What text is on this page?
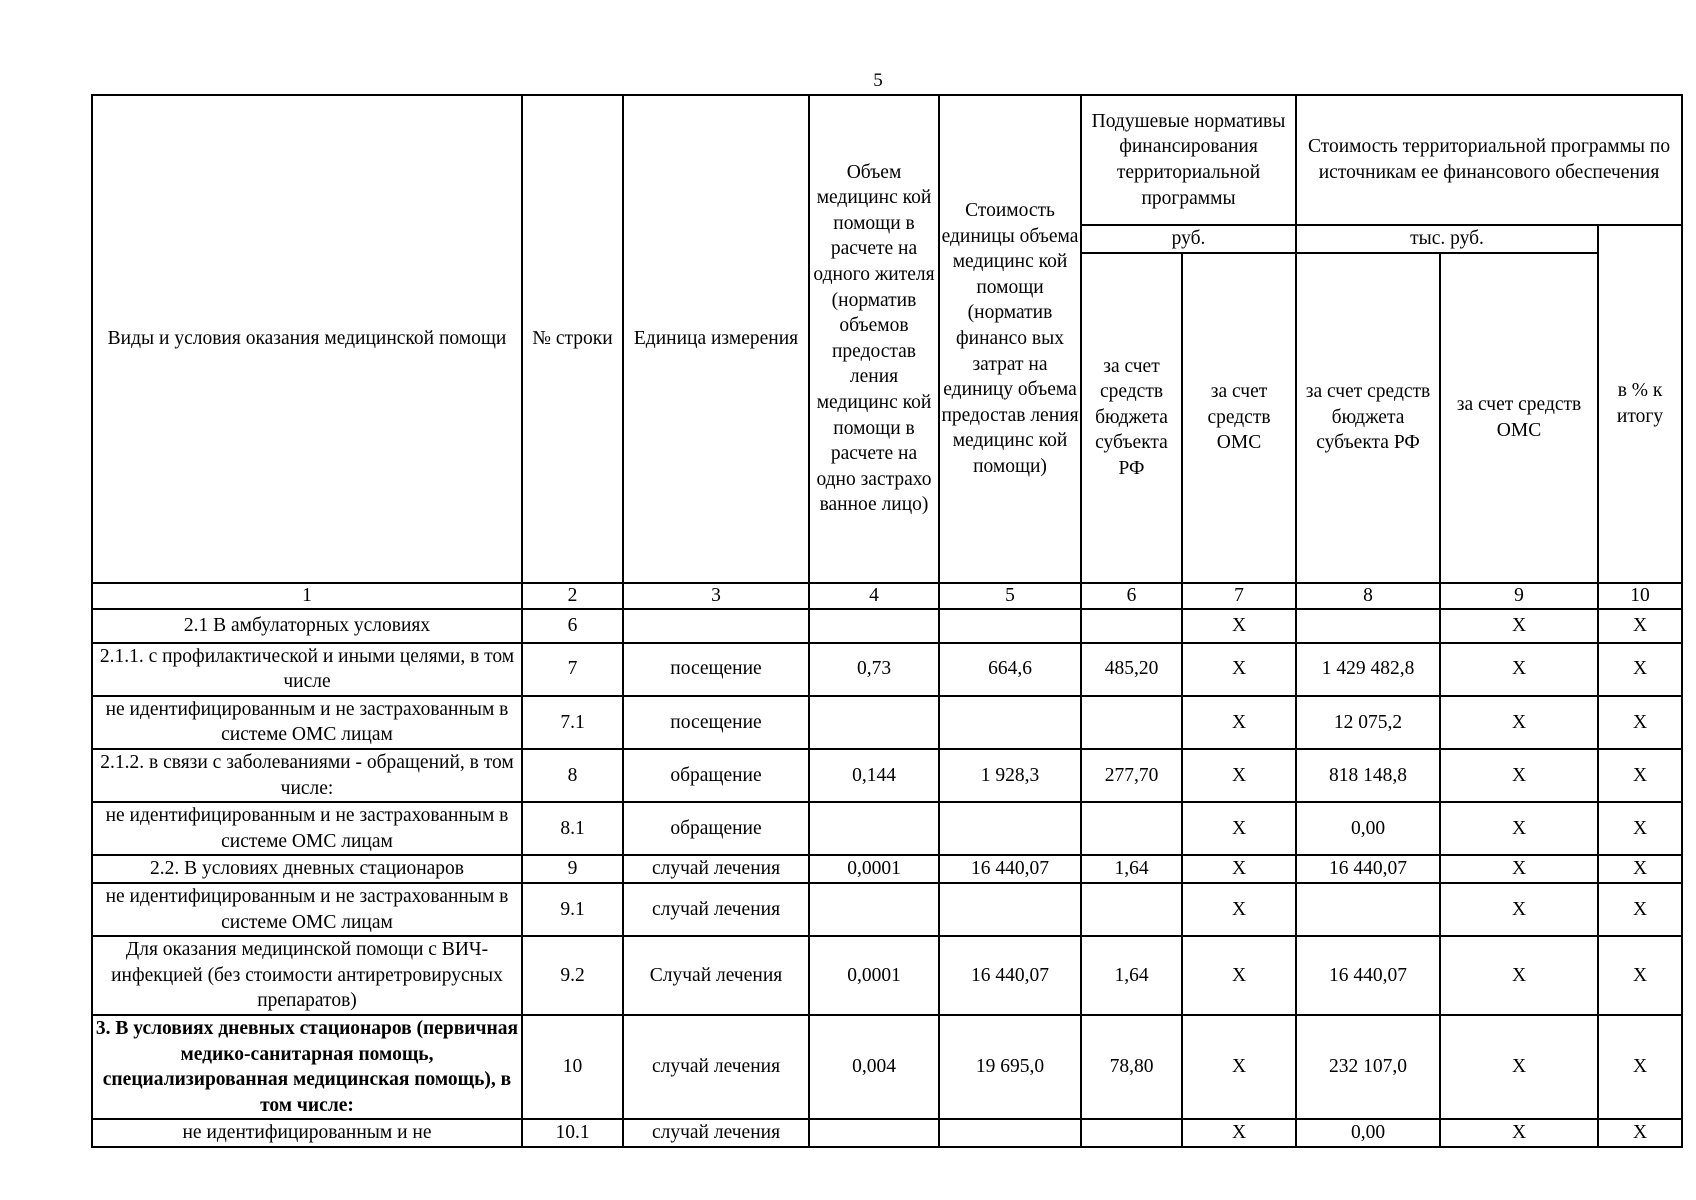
5
Виды и условия оказания медицинской помощи	№ строки	Единица измерения	Объем медицинс кой помощи в расчете на одного жителя (норматив объемов предостав ления медицинс кой помощи в расчете на одно застрахо ванное лицо)	Стоимость единицы объема медицинс кой помощи (норматив финансо вых затрат на единицу объема предостав ления медицинс кой помощи)	Подушевые нормативы финансирования территориальной программы		Стоимость территориальной программы по источникам ее финансового обеспечения		
					руб.		тыс. руб.		в % к итогу
					за счет средств бюджета субъекта РФ	за счет средств ОМС	за счет средств бюджета субъекта РФ	за счет средств ОМС	
1	2	3	4	5	6	7	8	9	10
2.1 В амбулаторных условиях	6					Х		Х	Х
2.1.1. с профилактической и иными целями, в том числе	7	посещение	0,73	664,6	485,20	Х	1 429 482,8	Х	Х
не идентифицированным и не застрахованным в системе ОМС лицам	7.1	посещение				Х	12 075,2	Х	Х
2.1.2. в связи с заболеваниями - обращений, в том числе:	8	обращение	0,144	1 928,3	277,70	Х	818 148,8	Х	Х
не идентифицированным и не застрахованным в системе ОМС лицам	8.1	обращение				Х	0,00	Х	Х
2.2. В условиях дневных стационаров	9	случай лечения	0,0001	16 440,07	1,64	Х	16 440,07	Х	Х
не идентифицированным и не застрахованным в системе ОМС лицам	9.1	случай лечения				Х		Х	Х
Для оказания медицинской помощи с ВИЧ-инфекцией (без стоимости антиретровирусных препаратов)	9.2	Случай лечения	0,0001	16 440,07	1,64	Х	16 440,07	Х	Х
3. В условиях дневных стационаров (первичная медико-санитарная помощь, специализированная медицинская помощь), в том числе:	10	случай лечения	0,004	19 695,0	78,80	Х	232 107,0	Х	Х
не идентифицированным и не	10.1	случай лечения				Х	0,00	Х	Х
